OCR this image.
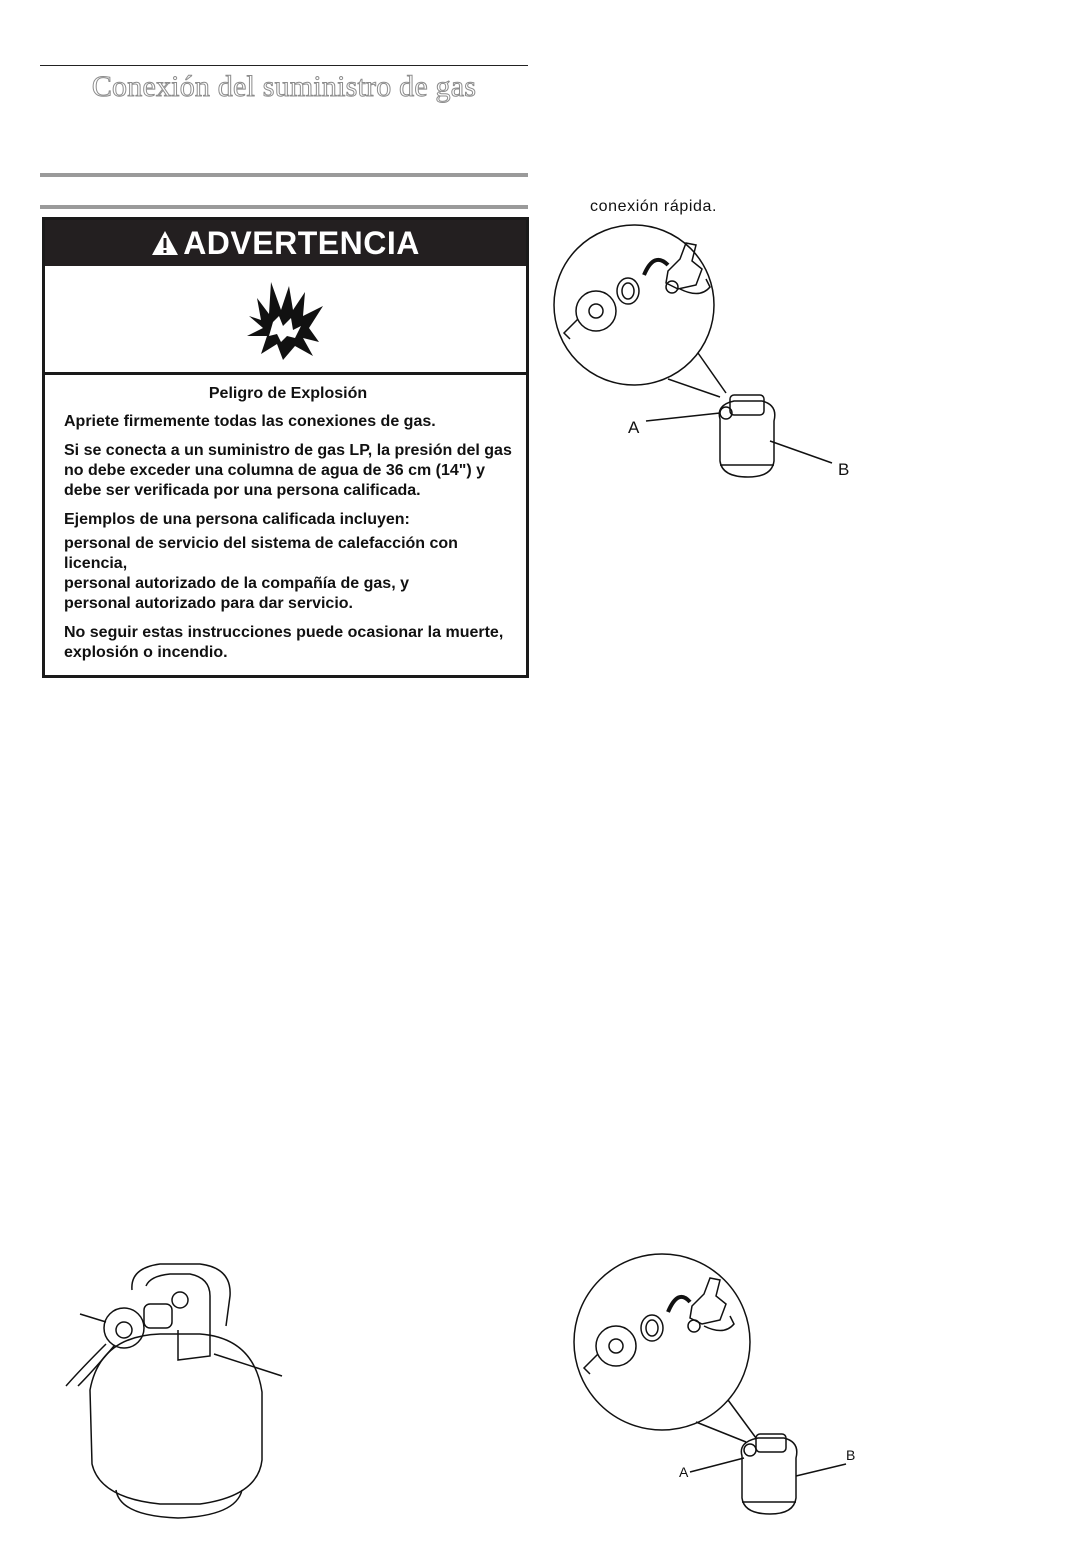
Conexión del suministro de gas
ADVERTENCIA

Peligro de Explosión

Apriete firmemente todas las conexiones de gas.

Si se conecta a un suministro de gas LP, la presión del gas no debe exceder una columna de agua de 36 cm (14") y debe ser verificada por una persona calificada.

Ejemplos de una persona calificada incluyen:

personal de servicio del sistema de calefacción con licencia,

personal autorizado de la compañía de gas, y

personal autorizado para dar servicio.

No seguir estas instrucciones puede ocasionar la muerte, explosión o incendio.

conexión rápida.
A
B
A
B
